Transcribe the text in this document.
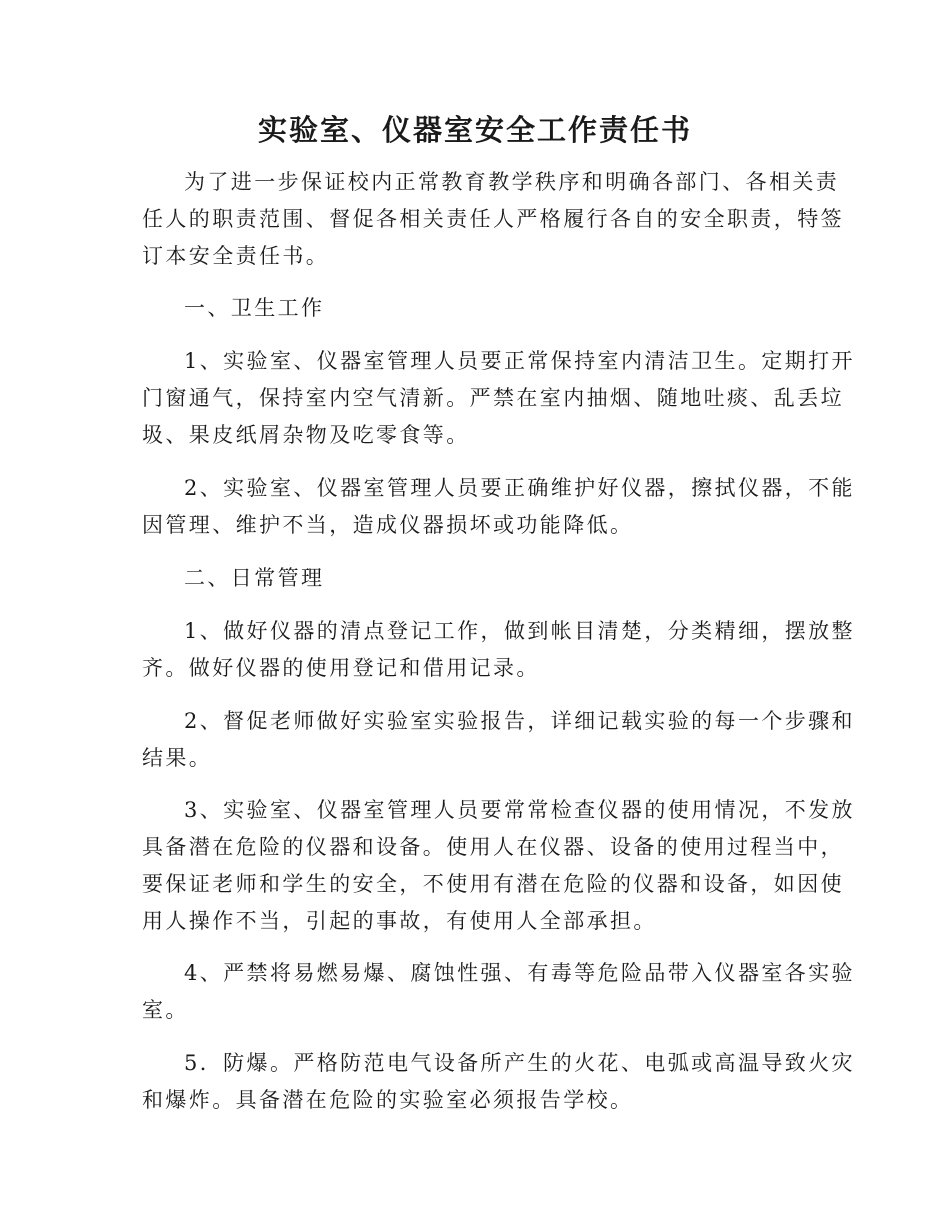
实验室、仪器室安全工作责任书

为了进一步保证校内正常教育教学秩序和明确各部门、各相关责
任人的职责范围、督促各相关责任人严格履行各自的安全职责，特签
订本安全责任书。

一、卫生工作

1、实验室、仪器室管理人员要正常保持室内清洁卫生。定期打开
门窗通气，保持室内空气清新。严禁在室内抽烟、随地吐痰、乱丢垃
圾、果皮纸屑杂物及吃零食等。

2、实验室、仪器室管理人员要正确维护好仪器，擦拭仪器，不能
因管理、维护不当，造成仪器损坏或功能降低。

二、日常管理

1、做好仪器的清点登记工作，做到帐目清楚，分类精细，摆放整
齐。做好仪器的使用登记和借用记录。

2、督促老师做好实验室实验报告，详细记载实验的每一个步骤和
结果。

3、实验室、仪器室管理人员要常常检查仪器的使用情况，不发放
具备潜在危险的仪器和设备。使用人在仪器、设备的使用过程当中，
要保证老师和学生的安全，不使用有潜在危险的仪器和设备，如因使
用人操作不当，引起的事故，有使用人全部承担。

4、严禁将易燃易爆、腐蚀性强、有毒等危险品带入仪器室各实验
室。

5．防爆。严格防范电气设备所产生的火花、电弧或高温导致火灾
和爆炸。具备潜在危险的实验室必须报告学校。
